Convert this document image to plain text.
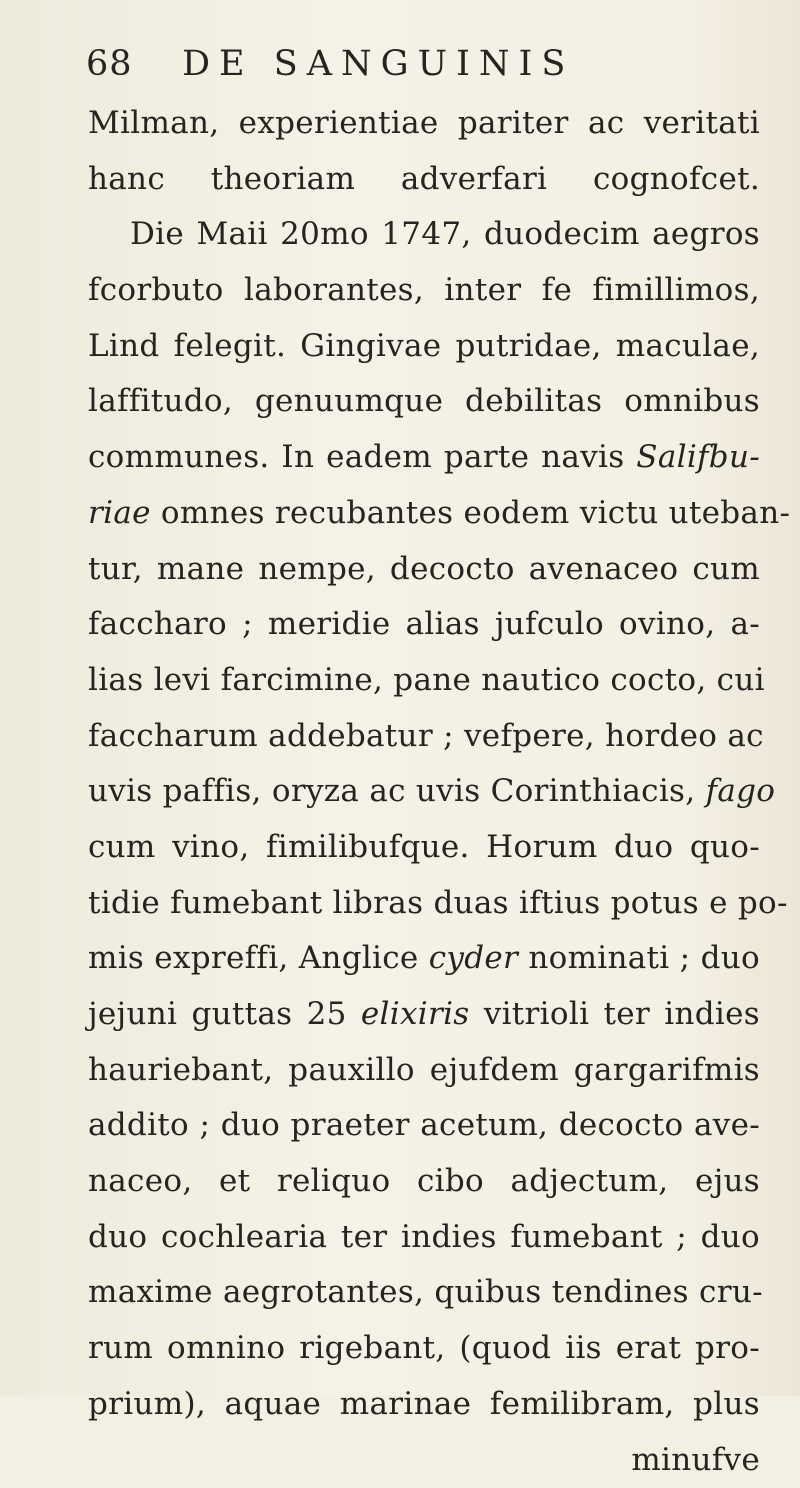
68 DE SANGUINIS
Milman, experientiae pariter ac veritati
hanc theoriam adverfari cognofcet.
Die Maii 20mo 1747, duodecim aegros
fcorbuto laborantes, inter fe fimillimos,
Lind felegit. Gingivae putridae, maculae,
laffitudo, genuumque debilitas omnibus
communes. In eadem parte navis Salifbu-
riae omnes recubantes eodem victu uteban-
tur, mane nempe, decocto avenaceo cum
faccharo ; meridie alias jufculo ovino, a-
lias levi farcimine, pane nautico cocto, cui
faccharum addebatur ; vefpere, hordeo ac
uvis paffis, oryza ac uvis Corinthiacis, fago
cum vino, fimilibufque. Horum duo quo-
tidie fumebant libras duas iftius potus e po-
mis expreffi, Anglice cyder nominati ; duo
jejuni guttas 25 elixiris vitrioli ter indies
hauriebant, pauxillo ejufdem gargarifmis
addito ; duo praeter acetum, decocto ave-
naceo, et reliquo cibo adjectum, ejus
duo cochlearia ter indies fumebant ; duo
maxime aegrotantes, quibus tendines cru-
rum omnino rigebant, (quod iis erat pro-
prium), aquae marinae femilibram, plus
minufve
